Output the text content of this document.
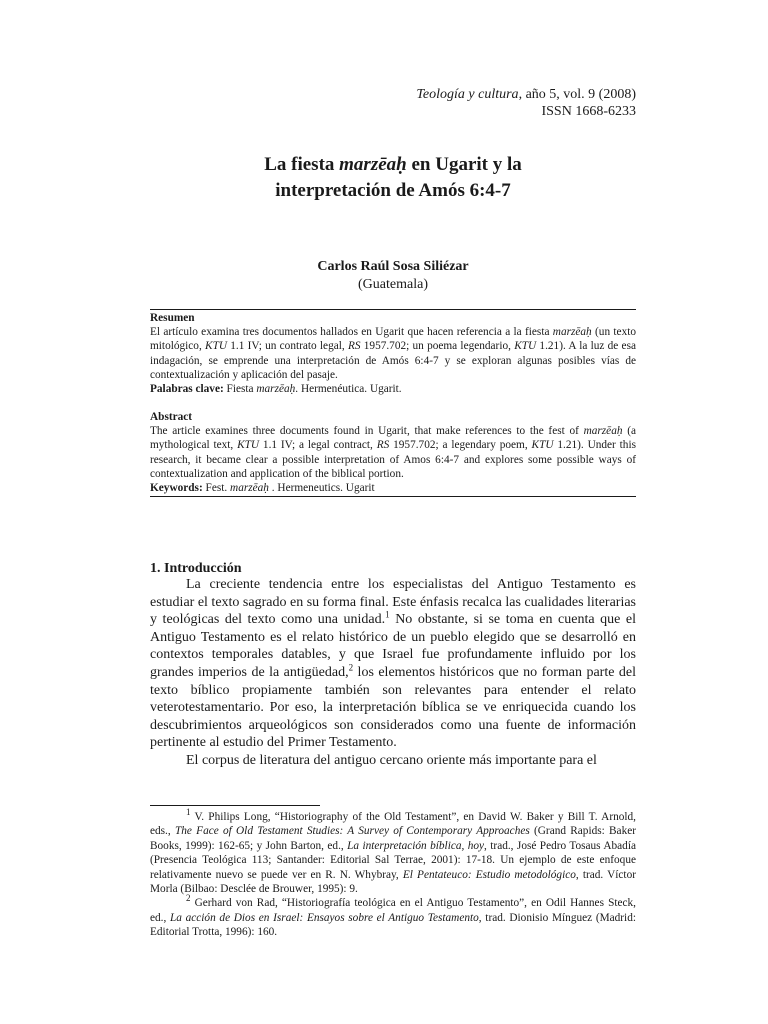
Teología y cultura, año 5, vol. 9 (2008)
ISSN 1668-6233
La fiesta marzēaḥ en Ugarit y la
interpretación de Amós 6:4-7
Carlos Raúl Sosa Siliézar
(Guatemala)
Resumen
El artículo examina tres documentos hallados en Ugarit que hacen referencia a la fiesta marzēaḥ (un texto mitológico, KTU 1.1 IV; un contrato legal, RS 1957.702; un poema legendario, KTU 1.21). A la luz de esa indagación, se emprende una interpretación de Amós 6:4-7 y se exploran algunas posibles vías de contextualización y aplicación del pasaje.
Palabras clave: Fiesta marzēaḥ. Hermenéutica. Ugarit.
Abstract
The article examines three documents found in Ugarit, that make references to the fest of marzēaḥ (a mythological text, KTU 1.1 IV; a legal contract, RS 1957.702; a legendary poem, KTU 1.21). Under this research, it became clear a possible interpretation of Amos 6:4-7 and explores some possible ways of contextualization and application of the biblical portion.
Keywords: Fest. marzēaḥ . Hermeneutics. Ugarit
1. Introducción

La creciente tendencia entre los especialistas del Antiguo Testamento es estudiar el texto sagrado en su forma final. Este énfasis recalca las cualidades literarias y teológicas del texto como una unidad.$^1$ No obstante, si se toma en cuenta que el Antiguo Testamento es el relato histórico de un pueblo elegido que se desarrolló en contextos temporales datables, y que Israel fue profundamente influido por los grandes imperios de la antigüedad,$^2$ los elementos históricos que no forman parte del texto bíblico propiamente también son relevantes para entender el relato veterotestamentario. Por eso, la interpretación bíblica se ve enriquecida cuando los descubrimientos arqueológicos son considerados como una fuente de información pertinente al estudio del Primer Testamento.

El corpus de literatura del antiguo cercano oriente más importante para el

$^1$ V. Philips Long, “Historiography of the Old Testament”, en David W. Baker y Bill T. Arnold, eds., The Face of Old Testament Studies: A Survey of Contemporary Approaches (Grand Rapids: Baker Books, 1999): 162-65; y John Barton, ed., La interpretación bíblica, hoy, trad., José Pedro Tosaus Abadía (Presencia Teológica 113; Santander: Editorial Sal Terrae, 2001): 17-18. Un ejemplo de este enfoque relativamente nuevo se puede ver en R. N. Whybray, El Pentateuco: Estudio metodológico, trad. Víctor Morla (Bilbao: Desclée de Brouwer, 1995): 9.

$^2$ Gerhard von Rad, “Historiografía teológica en el Antiguo Testamento”, en Odil Hannes Steck, ed., La acción de Dios en Israel: Ensayos sobre el Antiguo Testamento, trad. Dionisio Mínguez (Madrid: Editorial Trotta, 1996): 160.
